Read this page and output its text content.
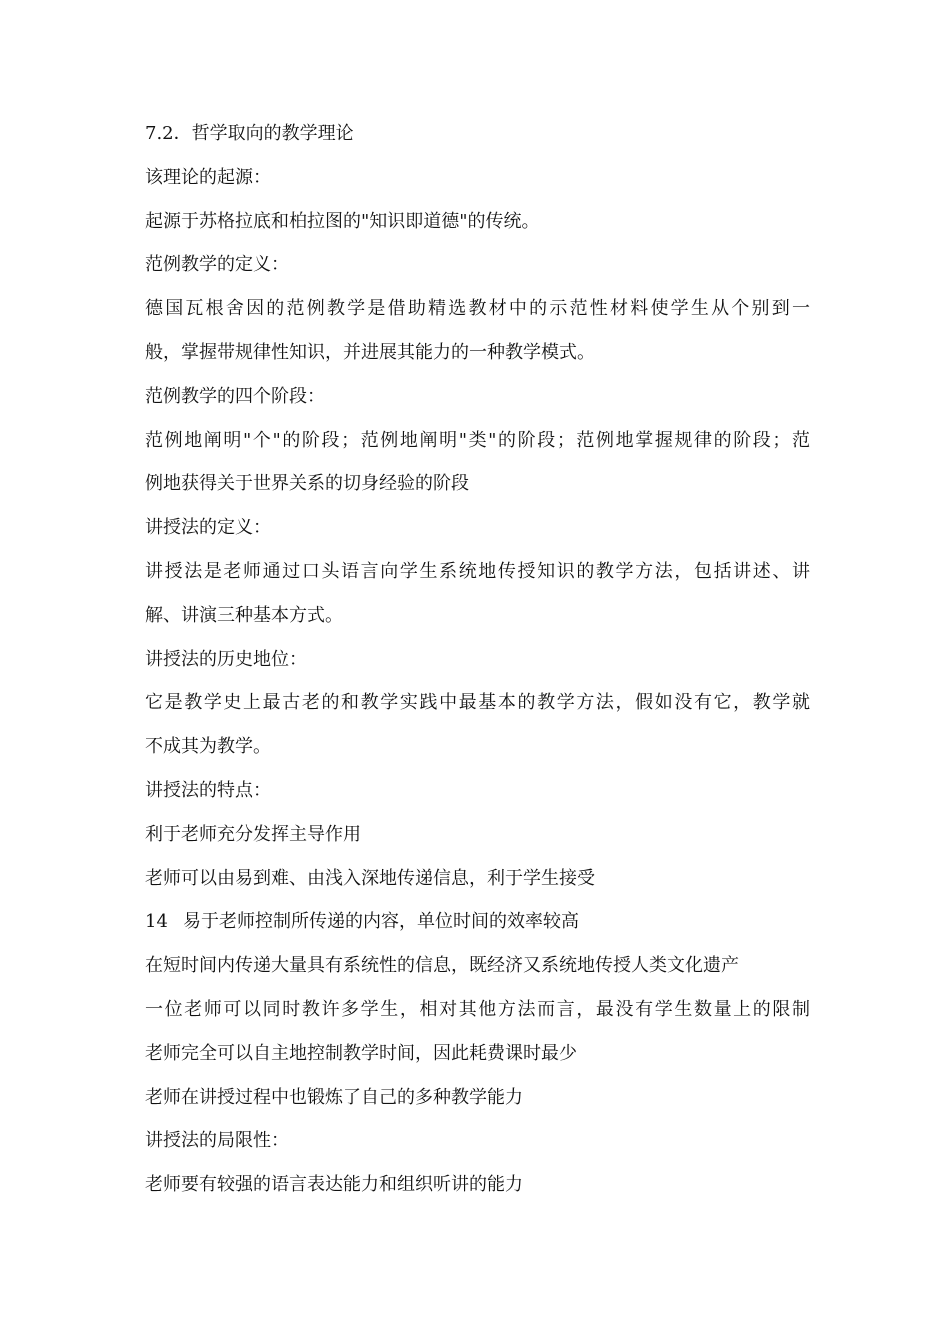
7.2．哲学取向的教学理论
该理论的起源：
起源于苏格拉底和柏拉图的"知识即道德"的传统。
范例教学的定义：
德国瓦根舍因的范例教学是借助精选教材中的示范性材料使学生从个别到一
般，掌握带规律性知识，并进展其能力的一种教学模式。
范例教学的四个阶段：
范例地阐明"个"的阶段；范例地阐明"类"的阶段；范例地掌握规律的阶段；范
例地获得关于世界关系的切身经验的阶段
讲授法的定义：
讲授法是老师通过口头语言向学生系统地传授知识的教学方法，包括讲述、讲
解、讲演三种基本方式。
讲授法的历史地位：
它是教学史上最古老的和教学实践中最基本的教学方法，假如没有它，教学就
不成其为教学。
讲授法的特点：
利于老师充分发挥主导作用
老师可以由易到难、由浅入深地传递信息，利于学生接受
14 易于老师控制所传递的内容，单位时间的效率较高
在短时间内传递大量具有系统性的信息，既经济又系统地传授人类文化遗产
一位老师可以同时教许多学生，相对其他方法而言，最没有学生数量上的限制
老师完全可以自主地控制教学时间，因此耗费课时最少
老师在讲授过程中也锻炼了自己的多种教学能力
讲授法的局限性：
老师要有较强的语言表达能力和组织听讲的能力
